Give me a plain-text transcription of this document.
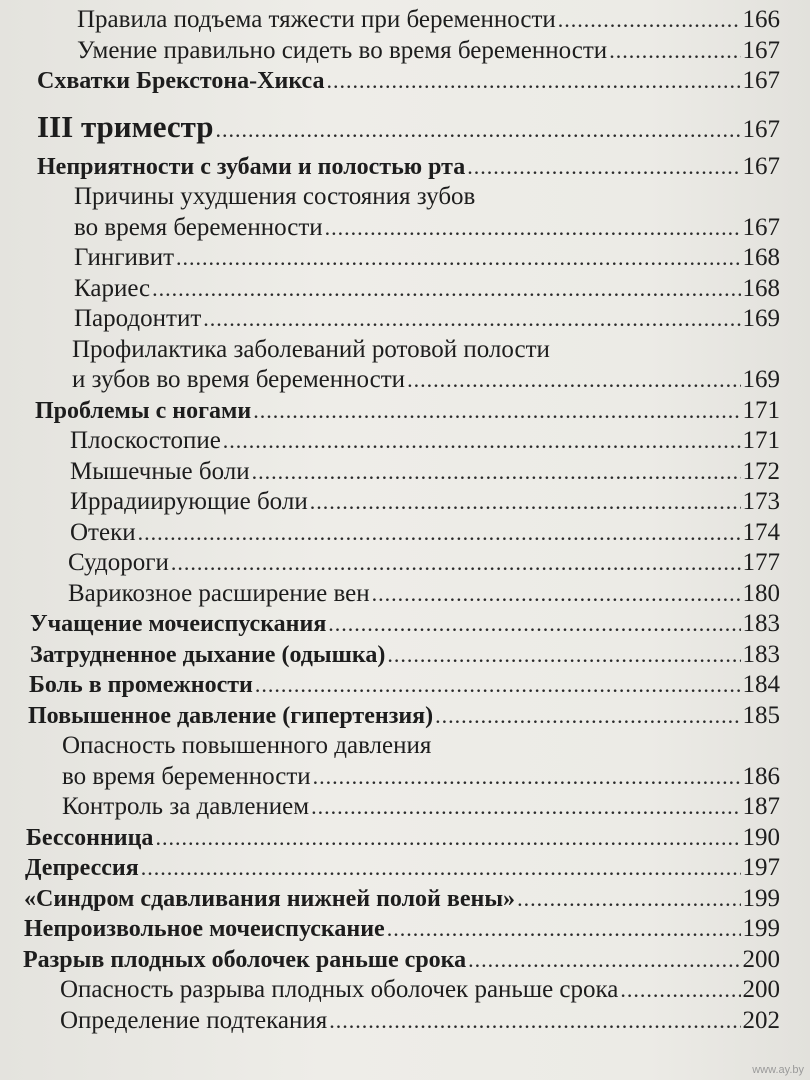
Правила подъема тяжести при беременности .....	166
Умение правильно сидеть во время беременности .....	167
Схватки Брекстона-Хикса .....	167
III триместр .....	167
Неприятности с зубами и полостью рта .....	167
Причины ухудшения состояния зубов
во время беременности .....	167
Гингивит .....	168
Кариес .....	168
Пародонтит .....	169
Профилактика заболеваний ротовой полости
и зубов во время беременности .....	169
Проблемы с ногами .....	171
Плоскостопие .....	171
Мышечные боли .....	172
Иррадиирующие боли .....	173
Отеки .....	174
Судороги .....	177
Варикозное расширение вен .....	180
Учащение мочеиспускания .....	183
Затрудненное дыхание (одышка) .....	183
Боль в промежности .....	184
Повышенное давление (гипертензия) .....	185
Опасность повышенного давления
во время беременности .....	186
Контроль за давлением .....	187
Бессонница .....	190
Депрессия .....	197
«Синдром сдавливания нижней полой вены» .....	199
Непроизвольное мочеиспускание .....	199
Разрыв плодных оболочек раньше срока .....	200
Опасность разрыва плодных оболочек раньше срока .....	200
Определение подтекания .....	202
www.ay.by
